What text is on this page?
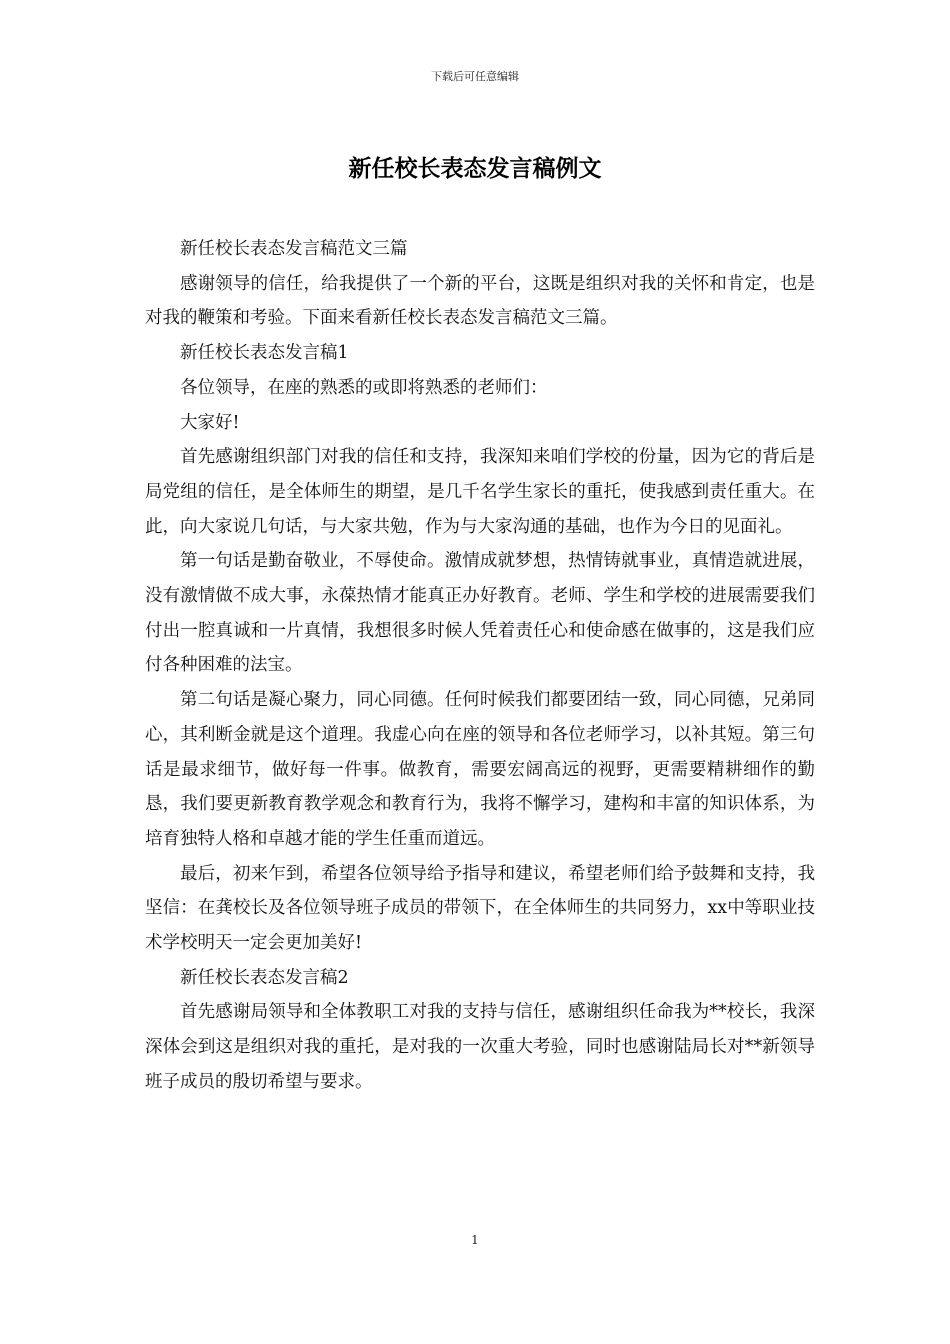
下载后可任意编辑
新任校长表态发言稿例文

新任校长表态发言稿范文三篇

感谢领导的信任，给我提供了一个新的平台，这既是组织对我的关怀和肯定，也是对我的鞭策和考验。下面来看新任校长表态发言稿范文三篇。

新任校长表态发言稿1

各位领导，在座的熟悉的或即将熟悉的老师们：

大家好!

首先感谢组织部门对我的信任和支持，我深知来咱们学校的份量，因为它的背后是局党组的信任，是全体师生的期望，是几千名学生家长的重托，使我感到责任重大。在此，向大家说几句话，与大家共勉，作为与大家沟通的基础，也作为今日的见面礼。

第一句话是勤奋敬业，不辱使命。激情成就梦想，热情铸就事业，真情造就进展，没有激情做不成大事，永葆热情才能真正办好教育。老师、学生和学校的进展需要我们付出一腔真诚和一片真情，我想很多时候人凭着责任心和使命感在做事的，这是我们应付各种困难的法宝。

第二句话是凝心聚力，同心同德。任何时候我们都要团结一致，同心同德，兄弟同心，其利断金就是这个道理。我虚心向在座的领导和各位老师学习，以补其短。第三句话是最求细节，做好每一件事。做教育，需要宏阔高远的视野，更需要精耕细作的勤恳，我们要更新教育教学观念和教育行为，我将不懈学习，建构和丰富的知识体系，为培育独特人格和卓越才能的学生任重而道远。

最后，初来乍到，希望各位领导给予指导和建议，希望老师们给予鼓舞和支持，我坚信：在龚校长及各位领导班子成员的带领下，在全体师生的共同努力，xx中等职业技术学校明天一定会更加美好!

新任校长表态发言稿2

首先感谢局领导和全体教职工对我的支持与信任，感谢组织任命我为**校长，我深深体会到这是组织对我的重托，是对我的一次重大考验，同时也感谢陆局长对**新领导班子成员的殷切希望与要求。

1
